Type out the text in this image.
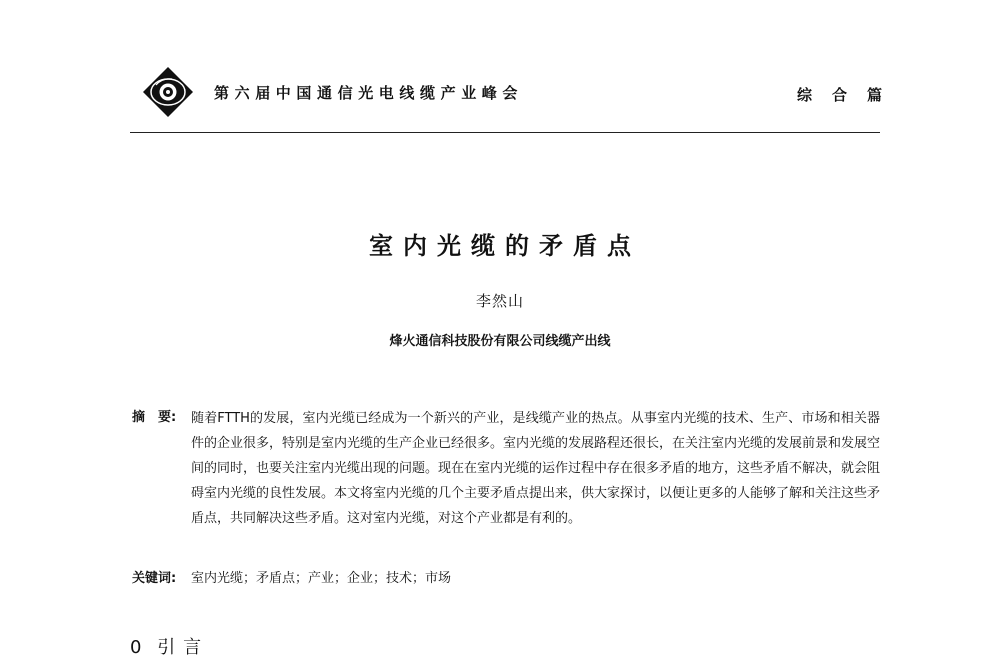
第六届中国通信光电线缆产业峰会	综合篇
室内光缆的矛盾点
李然山
烽火通信科技股份有限公司线缆产出线
摘　要: 随着FTTH的发展，室内光缆已经成为一个新兴的产业，是线缆产业的热点。从事室内光缆的技术、生产、市场和相关器件的企业很多，特别是室内光缆的生产企业已经很多。室内光缆的发展路程还很长，在关注室内光缆的发展前景和发展空间的同时，也要关注室内光缆出现的问题。现在在室内光缆的运作过程中存在很多矛盾的地方，这些矛盾不解决，就会阻碍室内光缆的良性发展。本文将室内光缆的几个主要矛盾点提出来，供大家探讨，以便让更多的人能够了解和关注这些矛盾点，共同解决这些矛盾。这对室内光缆，对这个产业都是有利的。
关键词: 室内光缆；矛盾点；产业；企业；技术；市场
0 引言
